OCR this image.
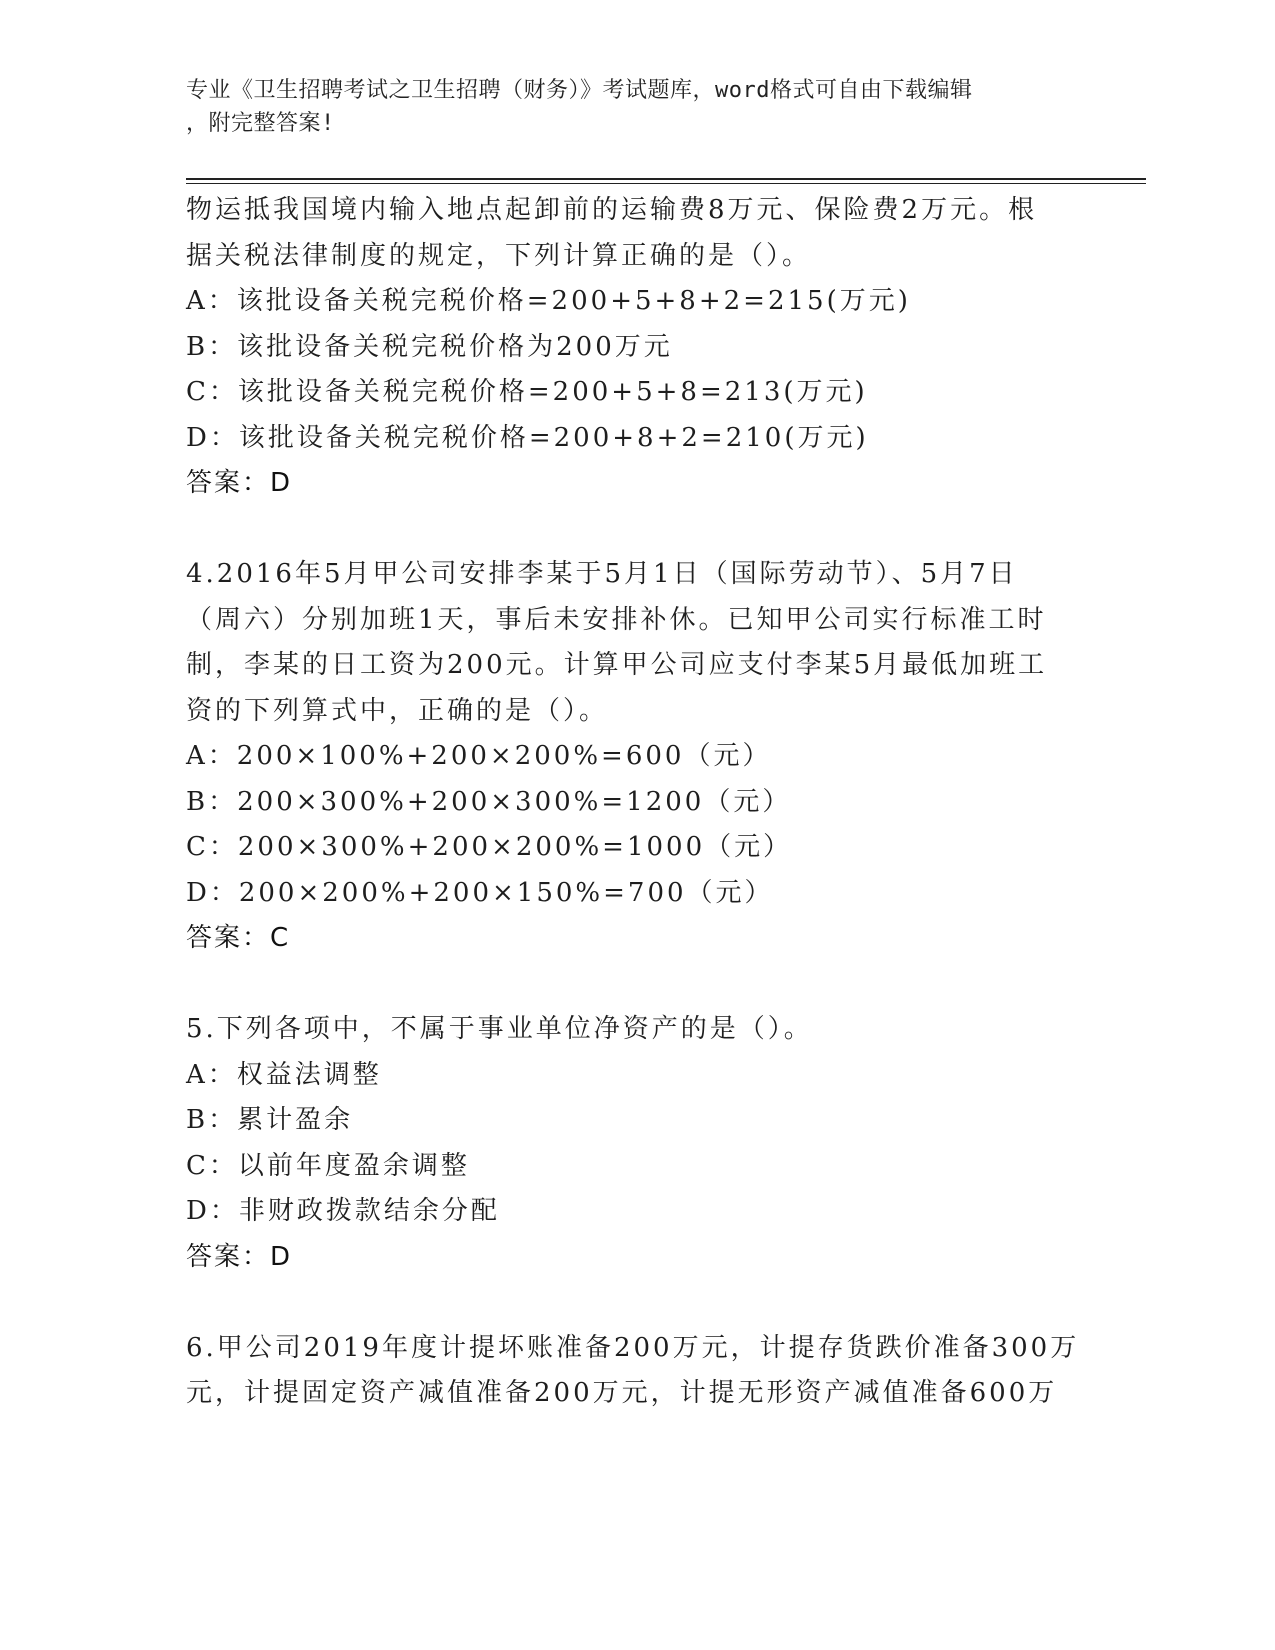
专业《卫生招聘考试之卫生招聘（财务）》考试题库，word格式可自由下载编辑
，附完整答案!
物运抵我国境内输入地点起卸前的运输费8万元、保险费2万元。根
据关税法律制度的规定，下列计算正确的是（）。
A：该批设备关税完税价格=200+5+8+2=215(万元)
B：该批设备关税完税价格为200万元
C：该批设备关税完税价格=200+5+8=213(万元)
D：该批设备关税完税价格=200+8+2=210(万元)
答案：D
4.2016年5月甲公司安排李某于5月1日（国际劳动节）、5月7日
（周六）分别加班1天，事后未安排补休。已知甲公司实行标准工时
制，李某的日工资为200元。计算甲公司应支付李某5月最低加班工
资的下列算式中，正确的是（）。
A：200×100%+200×200%=600（元）
B：200×300%+200×300%=1200（元）
C：200×300%+200×200%=1000（元）
D：200×200%+200×150%=700（元）
答案：C
5.下列各项中，不属于事业单位净资产的是（）。
A：权益法调整
B：累计盈余
C：以前年度盈余调整
D：非财政拨款结余分配
答案：D
6.甲公司2019年度计提坏账准备200万元，计提存货跌价准备300万
元，计提固定资产减值准备200万元，计提无形资产减值准备600万
